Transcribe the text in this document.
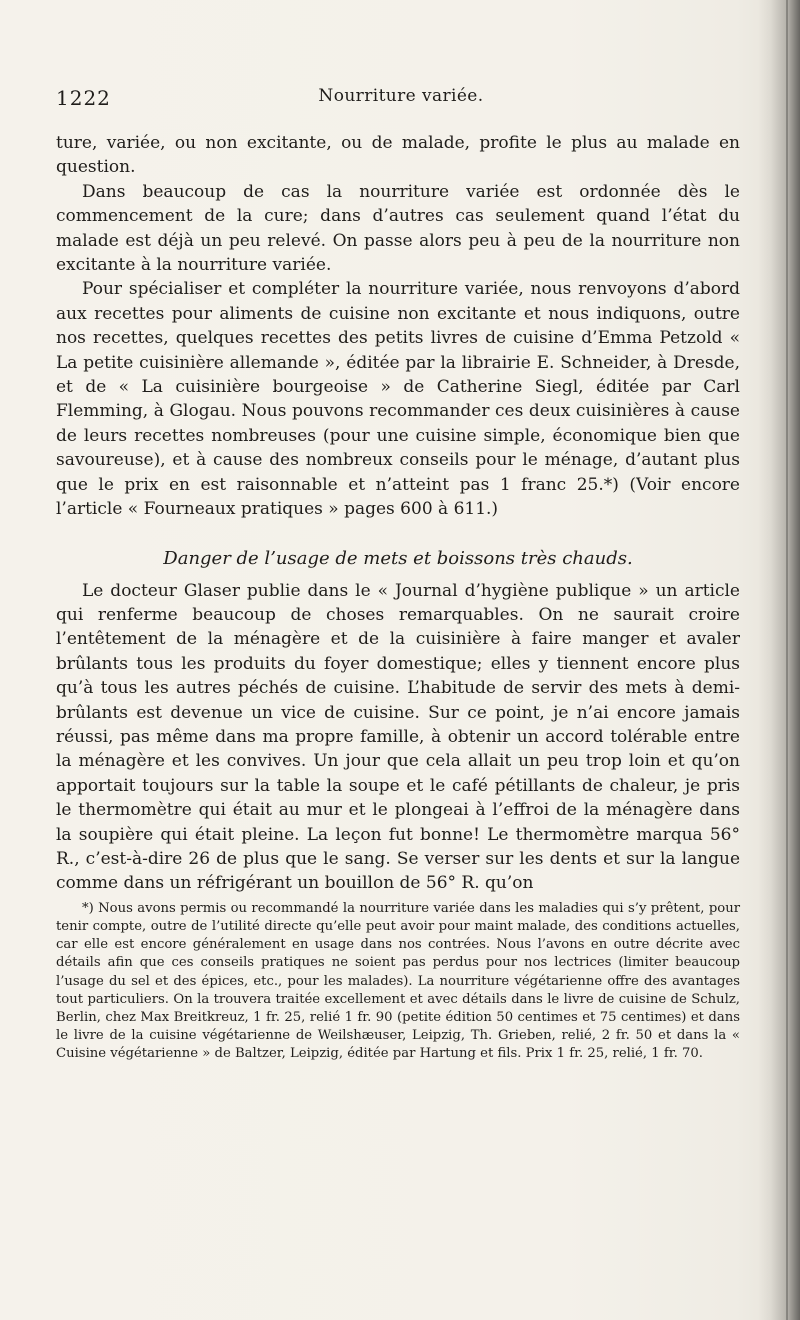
1222	Nourriture variée.

ture, variée, ou non excitante, ou de malade, profite le plus au malade en question.

Dans beaucoup de cas la nourriture variée est ordonnée dès le commencement de la cure; dans d’autres cas seulement quand l’état du malade est déjà un peu relevé. On passe alors peu à peu de la nourriture non excitante à la nourriture variée.

Pour spécialiser et compléter la nourriture variée, nous renvoyons d’abord aux recettes pour aliments de cuisine non excitante et nous indiquons, outre nos recettes, quelques recettes des petits livres de cuisine d’Emma Petzold « La petite cuisinière allemande », éditée par la librairie E. Schneider, à Dresde, et de « La cuisinière bourgeoise » de Catherine Siegl, éditée par Carl Flemming, à Glogau. Nous pouvons recommander ces deux cuisinières à cause de leurs recettes nombreuses (pour une cuisine simple, économique bien que savoureuse), et à cause des nombreux conseils pour le ménage, d’autant plus que le prix en est raisonnable et n’atteint pas 1 franc 25.*) (Voir encore l’article « Fourneaux pratiques » pages 600 à 611.)

Danger de l’usage de mets et boissons très chauds.

Le docteur Glaser publie dans le « Journal d’hygiène publique » un article qui renferme beaucoup de choses remarquables. On ne saurait croire l’entêtement de la ménagère et de la cuisinière à faire manger et avaler brûlants tous les produits du foyer domestique; elles y tiennent encore plus qu’à tous les autres péchés de cuisine. L’habitude de servir des mets à demi-brûlants est devenue un vice de cuisine. Sur ce point, je n’ai encore jamais réussi, pas même dans ma propre famille, à obtenir un accord tolérable entre la ménagère et les convives. Un jour que cela allait un peu trop loin et qu’on apportait toujours sur la table la soupe et le café pétillants de chaleur, je pris le thermomètre qui était au mur et le plongeai à l’effroi de la ménagère dans la soupière qui était pleine. La leçon fut bonne! Le thermomètre marqua 56° R., c’est-à-dire 26 de plus que le sang. Se verser sur les dents et sur la langue comme dans un réfrigérant un bouillon de 56° R. qu’on

*) Nous avons permis ou recommandé la nourriture variée dans les maladies qui s’y prêtent, pour tenir compte, outre de l’utilité directe qu’elle peut avoir pour maint malade, des conditions actuelles, car elle est encore généralement en usage dans nos contrées. Nous l’avons en outre décrite avec détails afin que ces conseils pratiques ne soient pas perdus pour nos lectrices (limiter beaucoup l’usage du sel et des épices, etc., pour les malades). La nourriture végétarienne offre des avantages tout particuliers. On la trouvera traitée excellement et avec détails dans le livre de cuisine de Schulz, Berlin, chez Max Breitkreuz, 1 fr. 25, relié 1 fr. 90 (petite édition 50 centimes et 75 centimes) et dans le livre de la cuisine végétarienne de Weilshæuser, Leipzig, Th. Grieben, relié, 2 fr. 50 et dans la « Cuisine végétarienne » de Baltzer, Leipzig, éditée par Hartung et fils. Prix 1 fr. 25, relié, 1 fr. 70.
